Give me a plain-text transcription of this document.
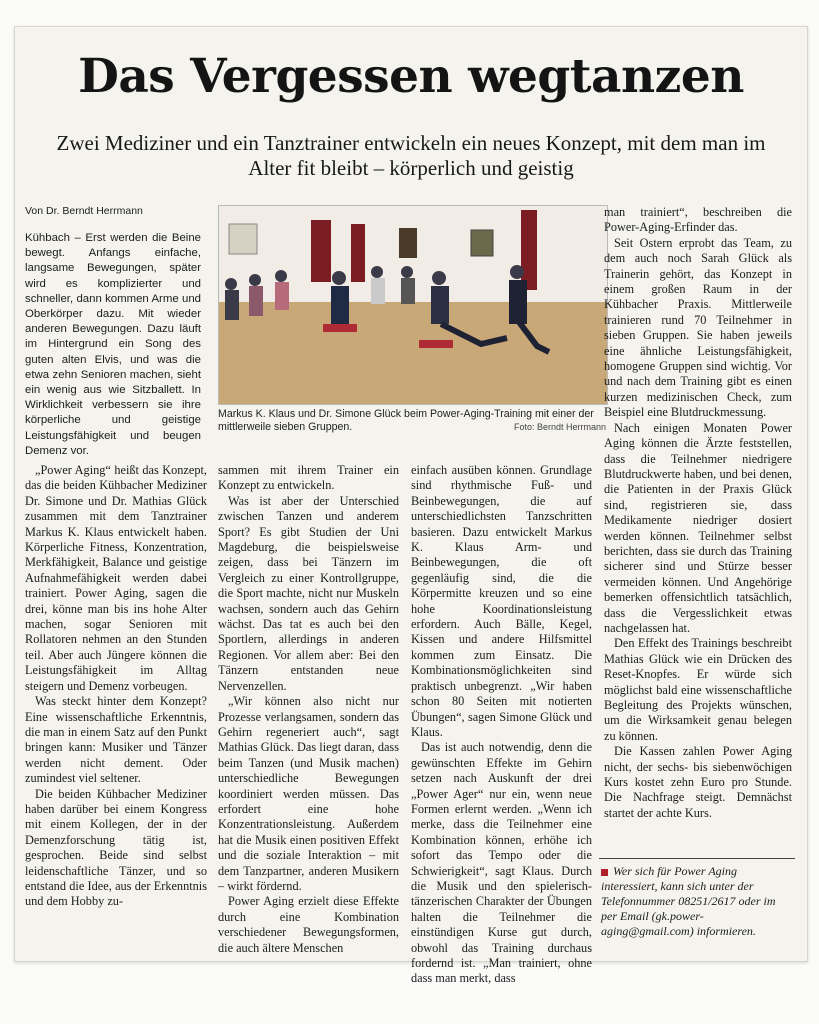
Das Vergessen wegtanzen

Zwei Mediziner und ein Tanztrainer entwickeln ein neues Konzept, mit dem man im Alter fit bleibt – körperlich und geistig

Von Dr. Berndt Herrmann

Kühbach – Erst werden die Beine bewegt. Anfangs einfache, langsame Bewegungen, später wird es komplizierter und schneller, dann kommen Arme und Oberkörper dazu. Mit wieder anderen Bewegungen. Dazu läuft im Hintergrund ein Song des guten alten Elvis, und was die etwa zehn Senioren machen, sieht ein wenig aus wie Sitzballett. In Wirklichkeit verbessern sie ihre körperliche und geistige Leistungsfähigkeit und beugen Demenz vor.

Markus K. Klaus und Dr. Simone Glück beim Power-Aging-Training mit einer der mittlerweile sieben Gruppen.	Foto: Berndt Herrmann

„Power Aging“ heißt das Konzept, das die beiden Kühbacher Mediziner Dr. Simone und Dr. Mathias Glück zusammen mit dem Tanztrainer Markus K. Klaus entwickelt haben. Körperliche Fitness, Konzentration, Merkfähigkeit, Balance und geistige Aufnahmefähigkeit werden dabei trainiert. Power Aging, sagen die drei, könne man bis ins hohe Alter machen, sogar Senioren mit Rollatoren nehmen an den Stunden teil. Aber auch Jüngere können die Leistungsfähigkeit im Alltag steigern und Demenz vorbeugen.

Was steckt hinter dem Konzept? Eine wissenschaftliche Erkenntnis, die man in einem Satz auf den Punkt bringen kann: Musiker und Tänzer werden nicht dement. Oder zumindest viel seltener.

Die beiden Kühbacher Mediziner haben darüber bei einem Kongress mit einem Kollegen, der in der Demenzforschung tätig ist, gesprochen. Beide sind selbst leidenschaftliche Tänzer, und so entstand die Idee, aus der Erkenntnis und dem Hobby zu-

sammen mit ihrem Trainer ein Konzept zu entwickeln.

Was ist aber der Unterschied zwischen Tanzen und anderem Sport? Es gibt Studien der Uni Magdeburg, die beispielsweise zeigen, dass bei Tänzern im Vergleich zu einer Kontrollgruppe, die Sport machte, nicht nur Muskeln wachsen, sondern auch das Gehirn wächst. Das tat es auch bei den Sportlern, allerdings in anderen Regionen. Vor allem aber: Bei den Tänzern entstanden neue Nervenzellen.

„Wir können also nicht nur Prozesse verlangsamen, sondern das Gehirn regeneriert auch“, sagt Mathias Glück. Das liegt daran, dass beim Tanzen (und Musik machen) unterschiedliche Bewegungen koordiniert werden müssen. Das erfordert eine hohe Konzentrationsleistung. Außerdem hat die Musik einen positiven Effekt und die soziale Interaktion – mit dem Tanzpartner, anderen Musikern – wirkt fördernd.

Power Aging erzielt diese Effekte durch eine Kombination verschiedener Bewegungsformen, die auch ältere Menschen

einfach ausüben können. Grundlage sind rhythmische Fuß- und Beinbewegungen, die auf unterschiedlichsten Tanzschritten basieren. Dazu entwickelt Markus K. Klaus Arm- und Beinbewegungen, die oft gegenläufig sind, die die Körpermitte kreuzen und so eine hohe Koordinationsleistung erfordern. Auch Bälle, Kegel, Kissen und andere Hilfsmittel kommen zum Einsatz. Die Kombinationsmöglichkeiten sind praktisch unbegrenzt. „Wir haben schon 80 Seiten mit notierten Übungen“, sagen Simone Glück und Klaus.

Das ist auch notwendig, denn die gewünschten Effekte im Gehirn setzen nach Auskunft der drei „Power Ager“ nur ein, wenn neue Formen erlernt werden. „Wenn ich merke, dass die Teilnehmer eine Kombination können, erhöhe ich sofort das Tempo oder die Schwierigkeit“, sagt Klaus. Durch die Musik und den spielerisch-tänzerischen Charakter der Übungen halten die Teilnehmer die einstündigen Kurse gut durch, obwohl das Training durchaus fordernd ist. „Man trainiert, ohne dass man merkt, dass

man trainiert“, beschreiben die Power-Aging-Erfinder das.

Seit Ostern erprobt das Team, zu dem auch noch Sarah Glück als Trainerin gehört, das Konzept in einem großen Raum in der Kühbacher Praxis. Mittlerweile trainieren rund 70 Teilnehmer in sieben Gruppen. Sie haben jeweils eine ähnliche Leistungsfähigkeit, homogene Gruppen sind wichtig. Vor und nach dem Training gibt es einen kurzen medizinischen Check, zum Beispiel eine Blutdruckmessung.

Nach einigen Monaten Power Aging können die Ärzte feststellen, dass die Teilnehmer niedrigere Blutdruckwerte haben, und bei denen, die Patienten in der Praxis Glück sind, registrieren sie, dass Medikamente niedriger dosiert werden können. Teilnehmer selbst berichten, dass sie durch das Training sicherer sind und Stürze besser vermeiden können. Und Angehörige bemerken offensichtlich tatsächlich, dass die Vergesslichkeit etwas nachgelassen hat.

Den Effekt des Trainings beschreibt Mathias Glück wie ein Drücken des Reset-Knopfes. Er würde sich möglichst bald eine wissenschaftliche Begleitung des Projekts wünschen, um die Wirksamkeit genau belegen zu können.

Die Kassen zahlen Power Aging nicht, der sechs- bis siebenwöchigen Kurs kostet zehn Euro pro Stunde. Die Nachfrage steigt. Demnächst startet der achte Kurs.

Wer sich für Power Aging interessiert, kann sich unter der Telefonnummer 08251/2617 oder im per Email (gk.power-aging@gmail.com) informieren.
